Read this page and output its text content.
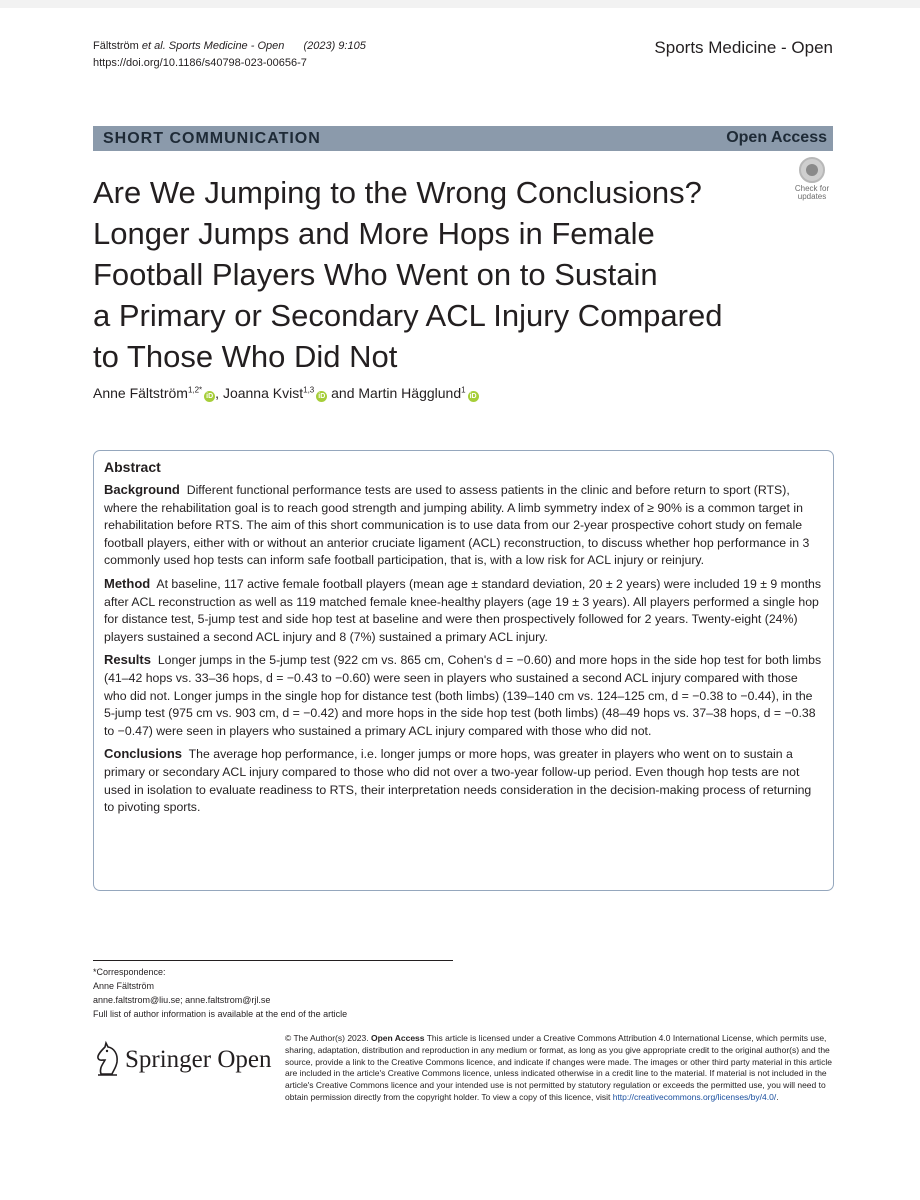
Fältström et al. Sports Medicine - Open (2023) 9:105
https://doi.org/10.1186/s40798-023-00656-7
Sports Medicine - Open
SHORT COMMUNICATION	Open Access
Are We Jumping to the Wrong Conclusions?
Longer Jumps and More Hops in Female
Football Players Who Went on to Sustain
a Primary or Secondary ACL Injury Compared
to Those Who Did Not
Check for
updates
Anne Fältström$^{1,2*}$iD , Joanna Kvist$^{1,3}$iD and Martin Hägglund$^1$iD
Abstract

Background Different functional performance tests are used to assess patients in the clinic and before return to sport (RTS), where the rehabilitation goal is to reach good strength and jumping ability. A limb symmetry index of ≥ 90% is a common target in rehabilitation before RTS. The aim of this short communication is to use data from our 2-year prospective cohort study on female football players, either with or without an anterior cruciate ligament (ACL) reconstruction, to discuss whether hop performance in 3 commonly used hop tests can inform safe football participation, that is, with a low risk for ACL injury or reinjury.

Method At baseline, 117 active female football players (mean age ± standard deviation, 20 ± 2 years) were included 19 ± 9 months after ACL reconstruction as well as 119 matched female knee-healthy players (age 19 ± 3 years). All players performed a single hop for distance test, 5-jump test and side hop test at baseline and were then prospectively followed for 2 years. Twenty-eight (24%) players sustained a second ACL injury and 8 (7%) sustained a primary ACL injury.

Results Longer jumps in the 5-jump test (922 cm vs. 865 cm, Cohen's d = −0.60) and more hops in the side hop test for both limbs (41–42 hops vs. 33–36 hops, d = −0.43 to −0.60) were seen in players who sustained a second ACL injury compared with those who did not. Longer jumps in the single hop for distance test (both limbs) (139–140 cm vs. 124–125 cm, d = −0.38 to −0.44), in the 5-jump test (975 cm vs. 903 cm, d = −0.42) and more hops in the side hop test (both limbs) (48–49 hops vs. 37–38 hops, d = −0.38 to −0.47) were seen in players who sustained a primary ACL injury compared with those who did not.

Conclusions The average hop performance, i.e. longer jumps or more hops, was greater in players who went on to sustain a primary or secondary ACL injury compared to those who did not over a two-year follow-up period. Even though hop tests are not used in isolation to evaluate readiness to RTS, their interpretation needs consideration in the decision-making process of returning to pivoting sports.

*Correspondence:
Anne Fältström
anne.faltstrom@liu.se; anne.faltstrom@rjl.se
Full list of author information is available at the end of the article
Springer Open
© The Author(s) 2023. Open Access This article is licensed under a Creative Commons Attribution 4.0 International License, which permits use, sharing, adaptation, distribution and reproduction in any medium or format, as long as you give appropriate credit to the original author(s) and the source, provide a link to the Creative Commons licence, and indicate if changes were made. The images or other third party material in this article are included in the article's Creative Commons licence, unless indicated otherwise in a credit line to the material. If material is not included in the article's Creative Commons licence and your intended use is not permitted by statutory regulation or exceeds the permitted use, you will need to obtain permission directly from the copyright holder. To view a copy of this licence, visit http://creativecommons.org/licenses/by/4.0/.
